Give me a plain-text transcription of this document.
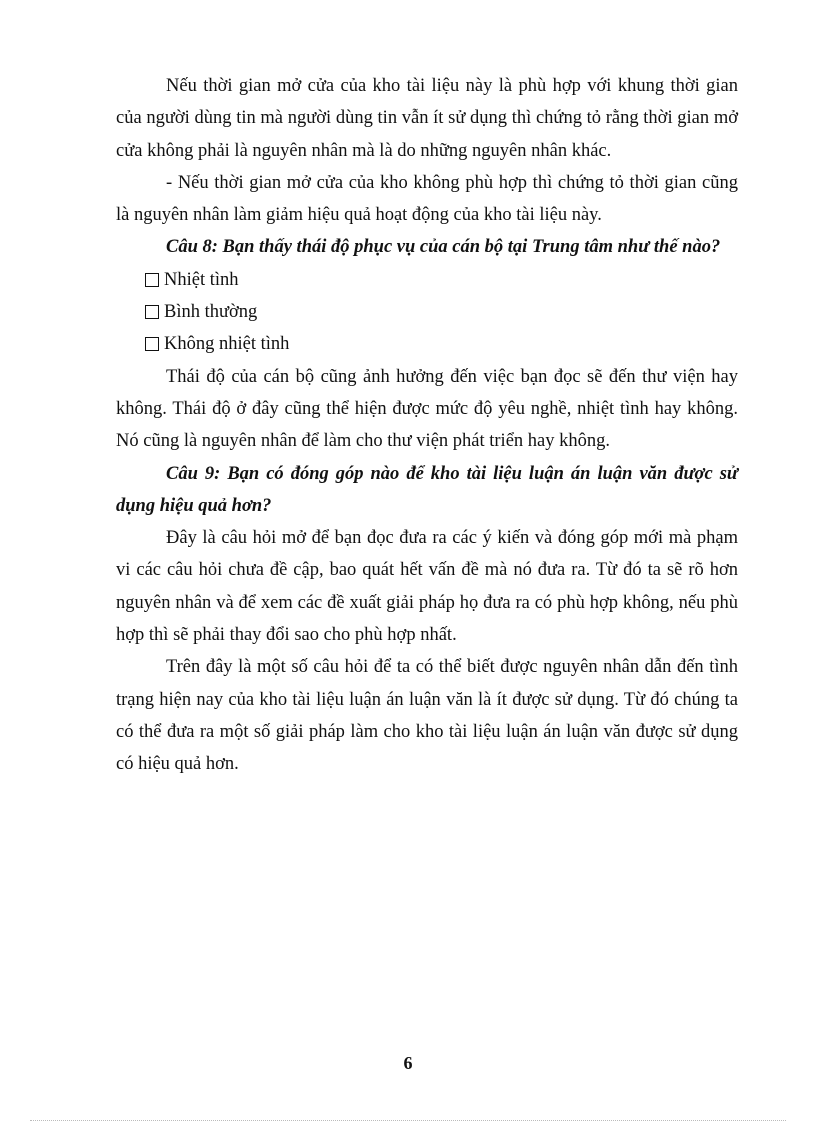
Nếu thời gian mở cửa của kho tài liệu này là phù hợp với khung thời gian của người dùng tin mà người dùng tin vẫn ít sử dụng thì chứng tỏ rằng thời gian mở cửa không phải là nguyên nhân mà là do những nguyên nhân khác.

- Nếu thời gian mở cửa của kho không phù hợp thì chứng tỏ thời gian cũng là nguyên nhân làm giảm hiệu quả hoạt động của kho tài liệu này.

Câu 8: Bạn thấy thái độ phục vụ của cán bộ tại Trung tâm như thế nào?

Nhiệt tình
Bình thường
Không nhiệt tình

Thái độ của cán bộ cũng ảnh hưởng đến việc bạn đọc sẽ đến thư viện hay không. Thái độ ở đây cũng thể hiện được mức độ yêu nghề, nhiệt tình hay không. Nó cũng là nguyên nhân để làm cho thư viện phát triển hay không.

Câu 9: Bạn có đóng góp nào để kho tài liệu luận án luận văn được sử dụng hiệu quả hơn?

Đây là câu hỏi mở để bạn đọc đưa ra các ý kiến và đóng góp mới mà phạm vi các câu hỏi chưa đề cập, bao quát hết vấn đề mà nó đưa ra. Từ đó ta sẽ rõ hơn nguyên nhân và để xem các đề xuất giải pháp họ đưa ra có phù hợp không, nếu phù hợp thì sẽ phải thay đổi sao cho phù hợp nhất.

Trên đây là một số câu hỏi để ta có thể biết được nguyên nhân dẫn đến tình trạng hiện nay của kho tài liệu luận án luận văn là ít được sử dụng. Từ đó chúng ta có thể đưa ra một số giải pháp làm cho kho tài liệu luận án luận văn được sử dụng có hiệu quả hơn.

6
